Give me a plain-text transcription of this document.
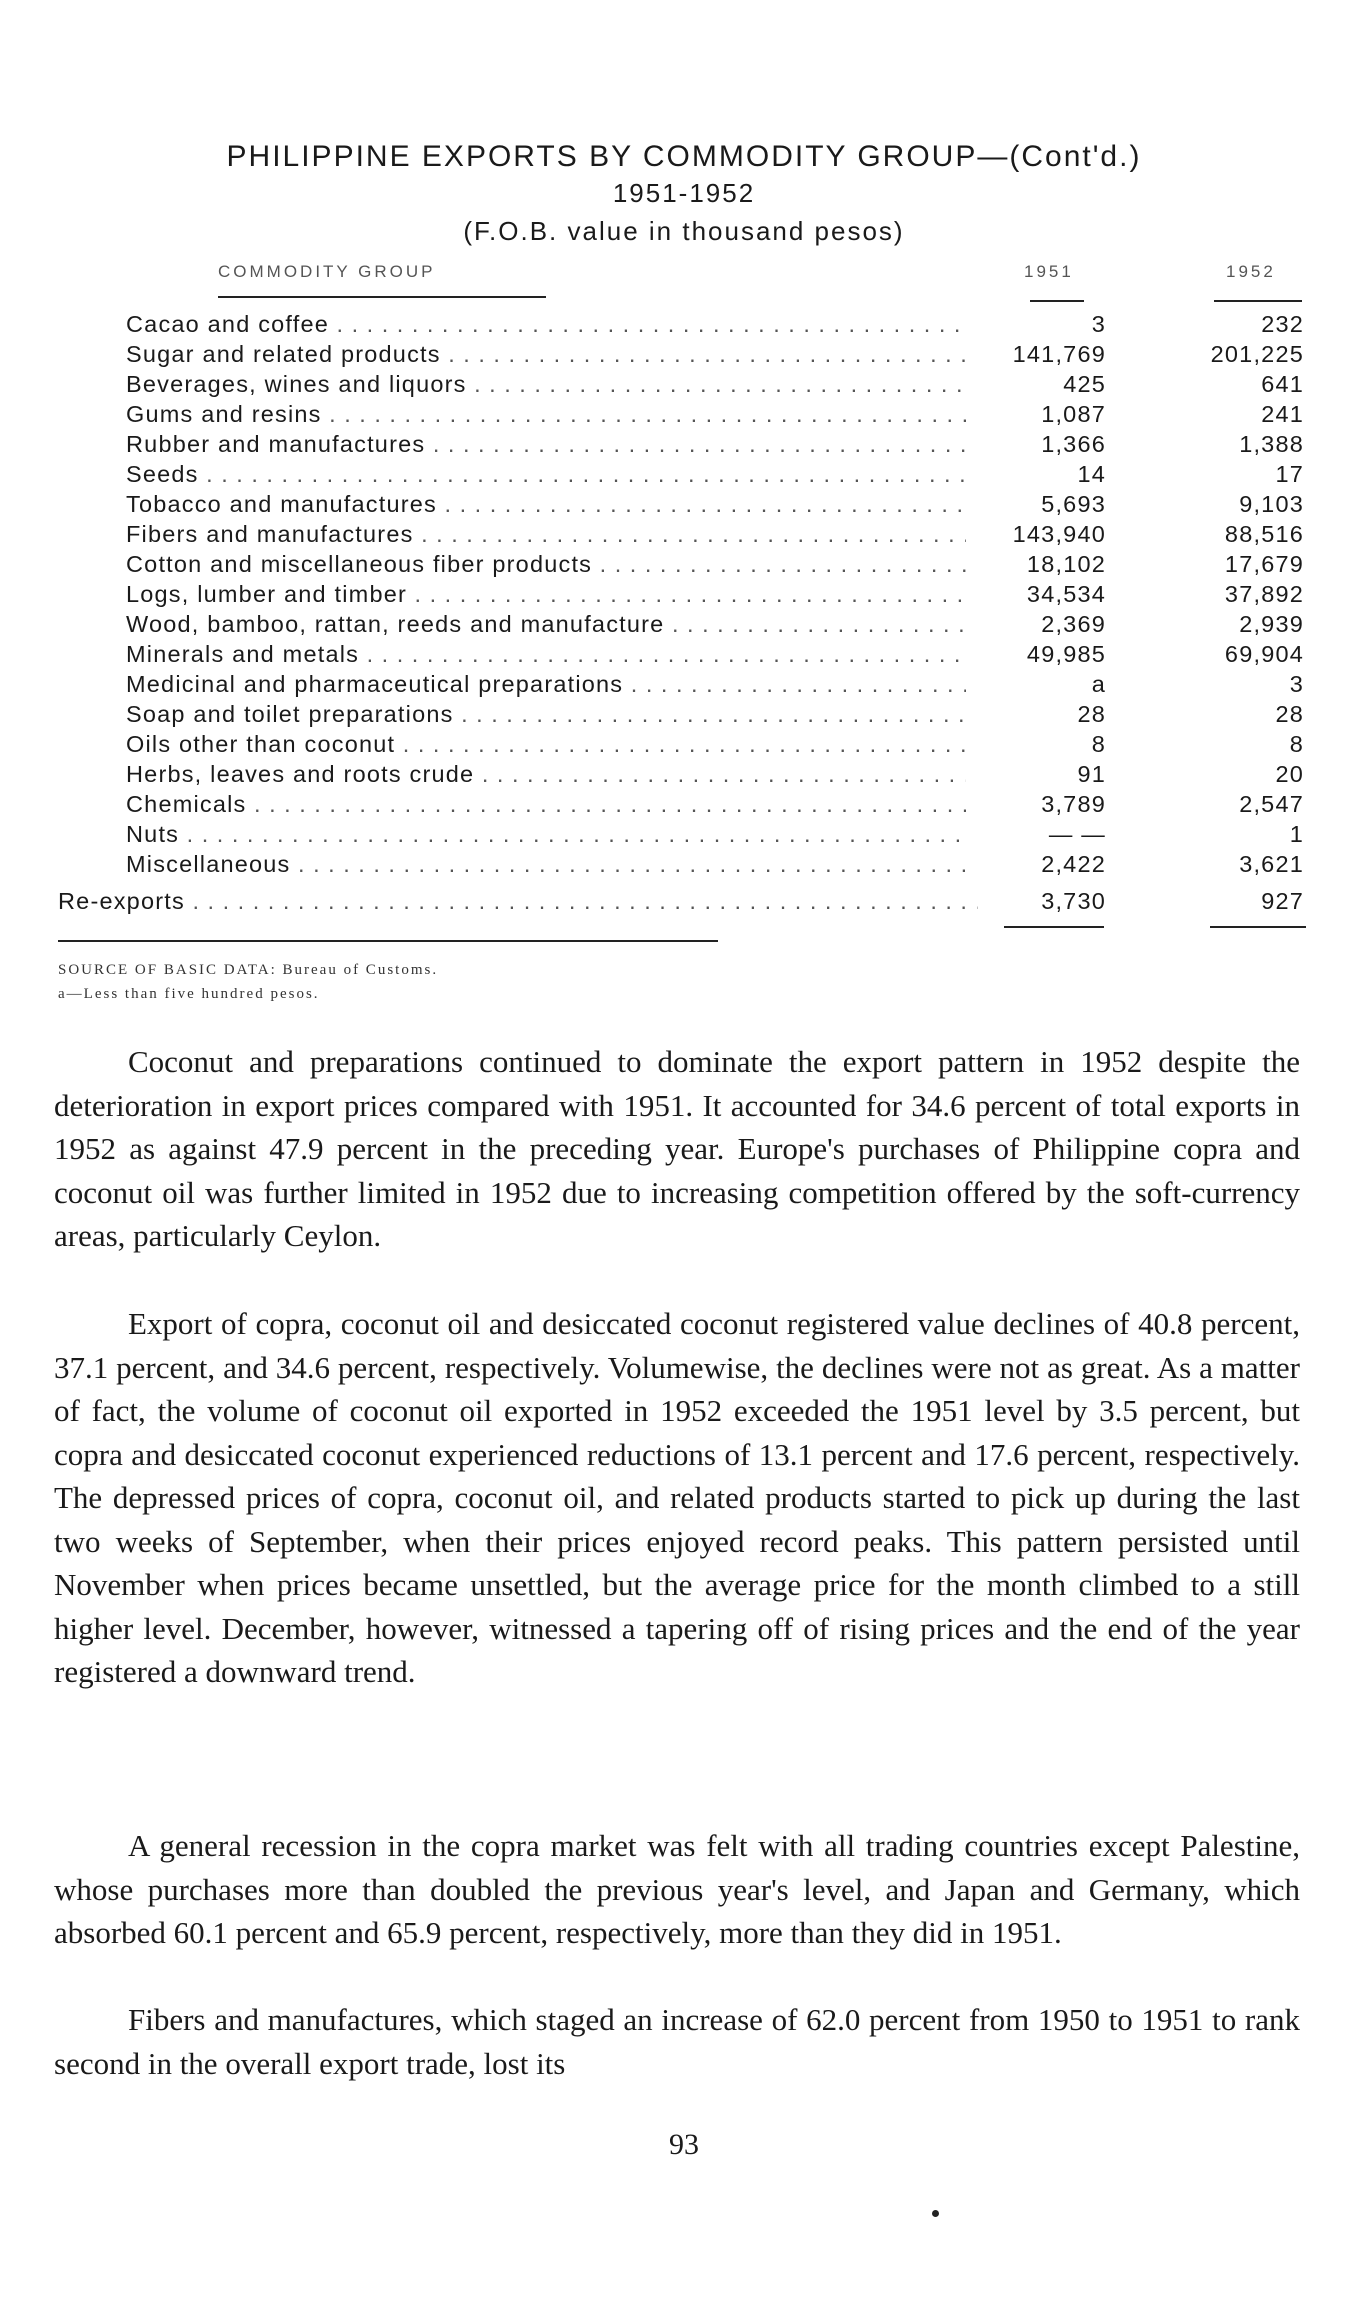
PHILIPPINE EXPORTS BY COMMODITY GROUP—(Cont'd.)
1951-1952
(F.O.B. value in thousand pesos)
COMMODITY GROUP	1951	1952
Cacao and coffee . . .	3	232
Sugar and related products . . .	141,769	201,225
Beverages, wines and liquors . . .	425	641
Gums and resins . . .	1,087	241
Rubber and manufactures . . .	1,366	1,388
Seeds . . .	14	17
Tobacco and manufactures . . .	5,693	9,103
Fibers and manufactures . . .	143,940	88,516
Cotton and miscellaneous fiber products . . .	18,102	17,679
Logs, lumber and timber . . .	34,534	37,892
Wood, bamboo, rattan, reeds and manufacture . . .	2,369	2,939
Minerals and metals . . .	49,985	69,904
Medicinal and pharmaceutical preparations . . .	a	3
Soap and toilet preparations . . .	28	28
Oils other than coconut . . .	8	8
Herbs, leaves and roots crude . . .	91	20
Chemicals . . .	3,789	2,547
Nuts . . .	— —	1
Miscellaneous . . .	2,422	3,621
Re-exports . . .	3,730	927
SOURCE OF BASIC DATA: Bureau of Customs.
a—Less than five hundred pesos.

Coconut and preparations continued to dominate the export pattern in 1952 despite the deterioration in export prices compared with 1951. It accounted for 34.6 percent of total exports in 1952 as against 47.9 percent in the preceding year. Europe's purchases of Philippine copra and coconut oil was further limited in 1952 due to increasing competition offered by the soft-currency areas, particularly Ceylon.

Export of copra, coconut oil and desiccated coconut registered value declines of 40.8 percent, 37.1 percent, and 34.6 percent, respectively. Volumewise, the declines were not as great. As a matter of fact, the volume of coconut oil exported in 1952 exceeded the 1951 level by 3.5 percent, but copra and desiccated coconut experienced reductions of 13.1 percent and 17.6 percent, respectively. The depressed prices of copra, coconut oil, and related products started to pick up during the last two weeks of September, when their prices enjoyed record peaks. This pattern persisted until November when prices became unsettled, but the average price for the month climbed to a still higher level. December, however, witnessed a tapering off of rising prices and the end of the year registered a downward trend.

A general recession in the copra market was felt with all trading countries except Palestine, whose purchases more than doubled the previous year's level, and Japan and Germany, which absorbed 60.1 percent and 65.9 percent, respectively, more than they did in 1951.

Fibers and manufactures, which staged an increase of 62.0 percent from 1950 to 1951 to rank second in the overall export trade, lost its

93
